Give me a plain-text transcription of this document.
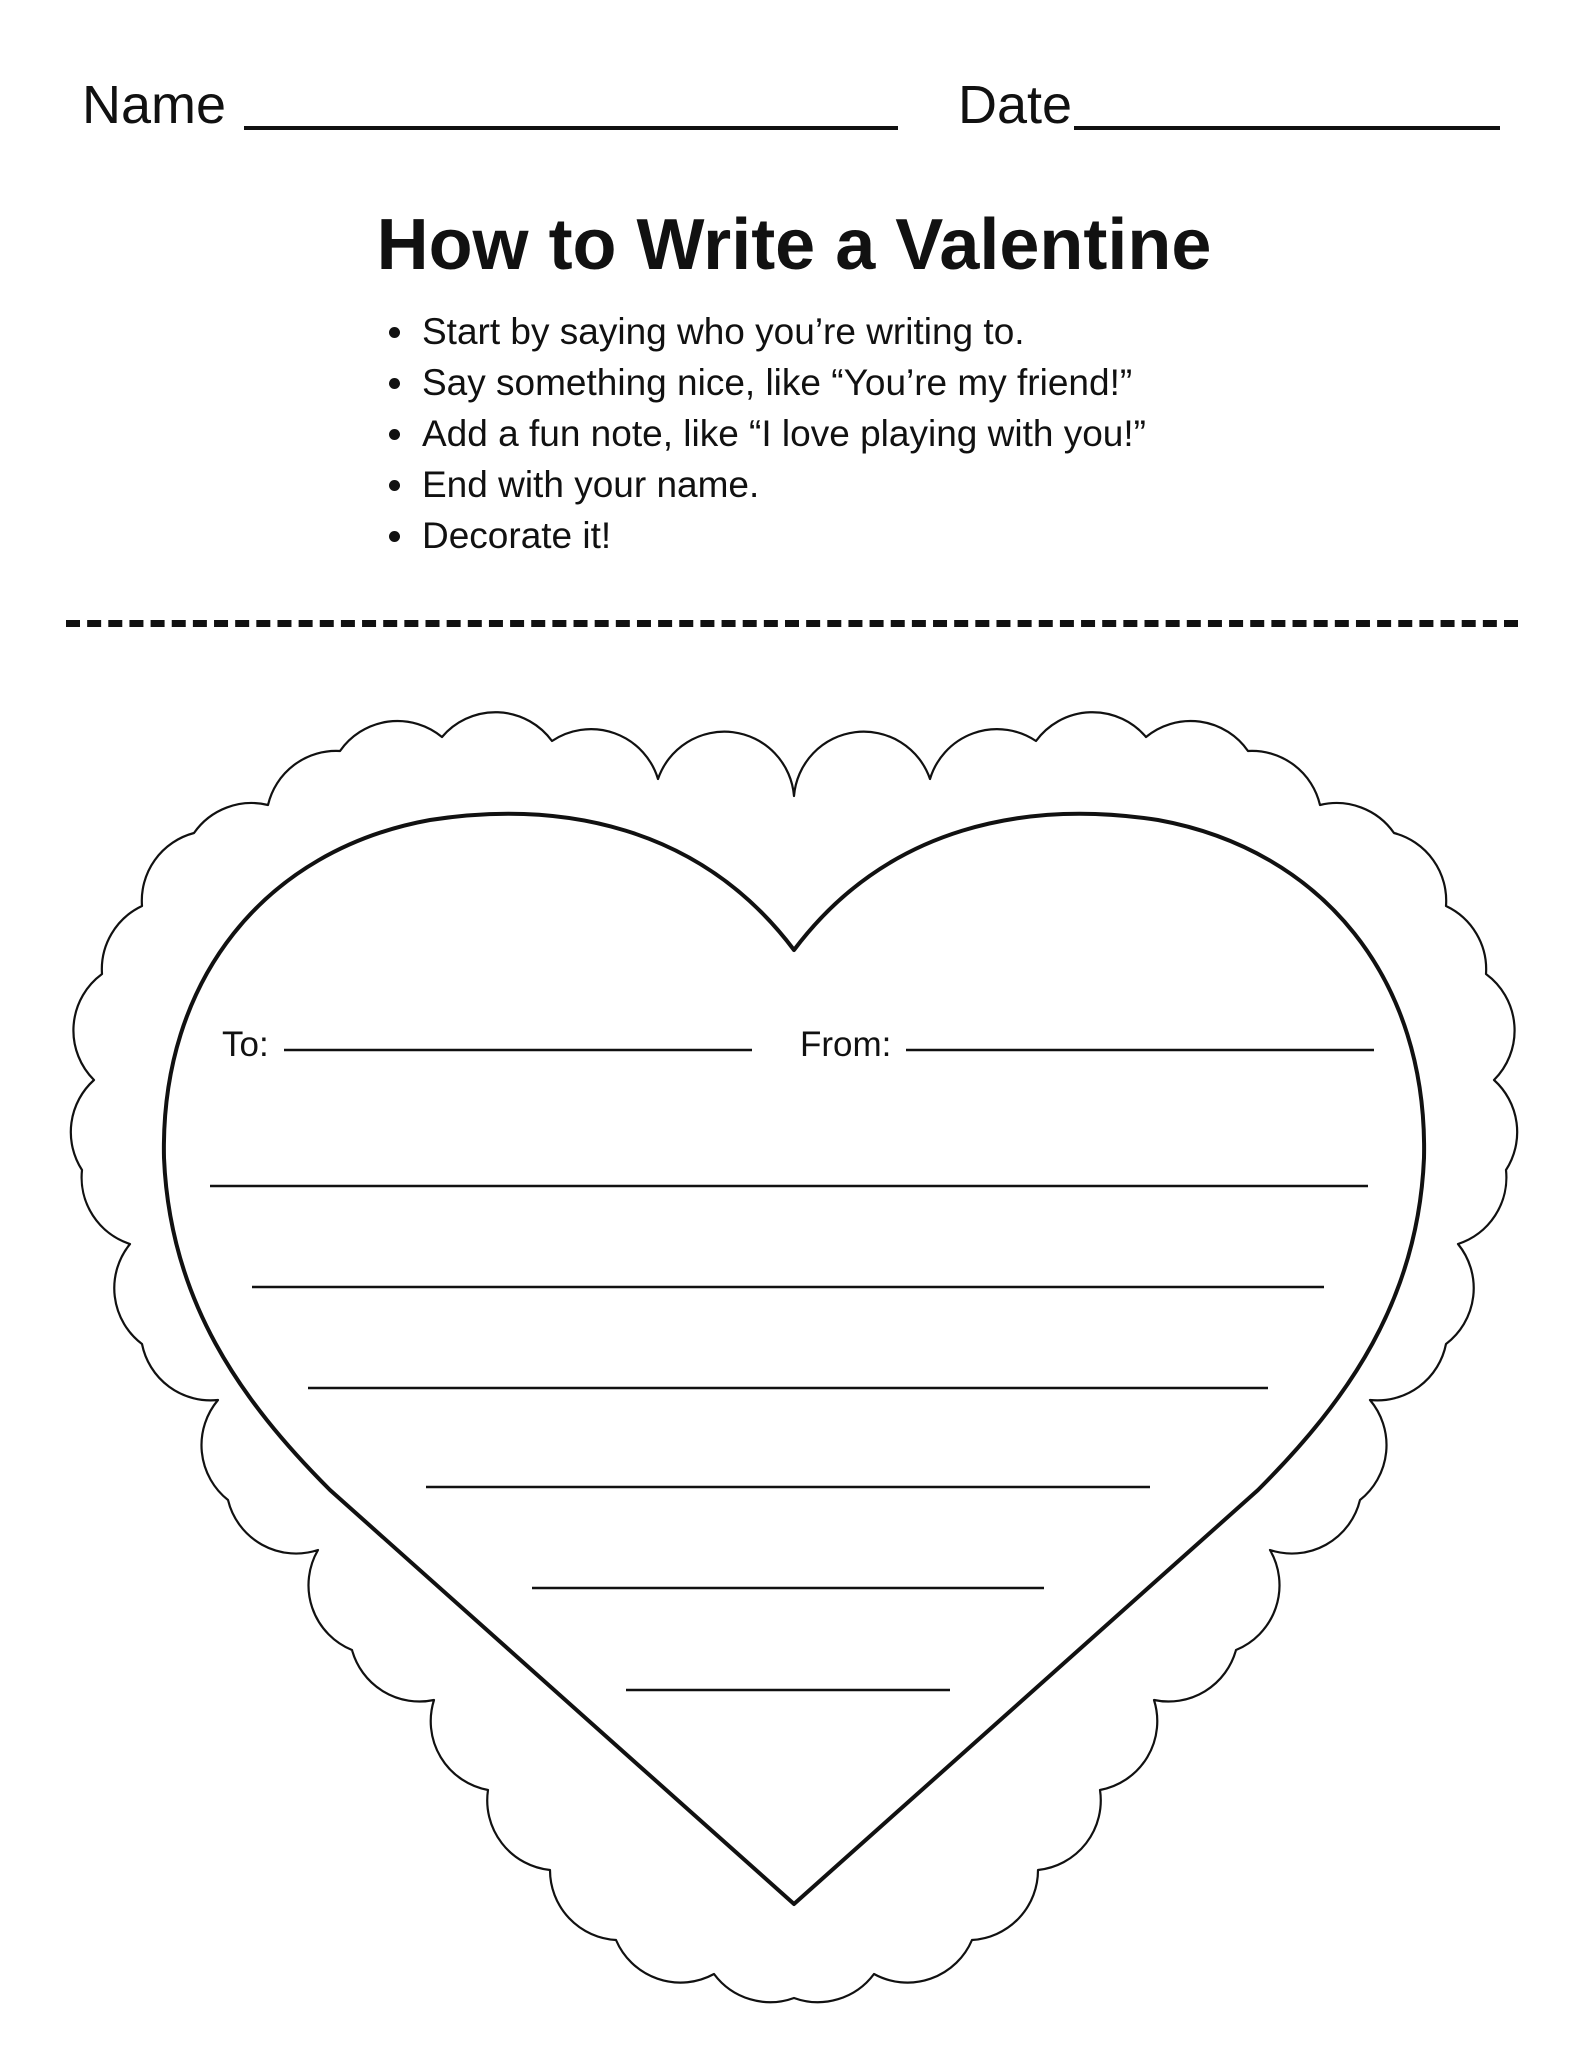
Name	Date
How to Write a Valentine
• Start by saying who you’re writing to.
• Say something nice, like “You’re my friend!”
• Add a fun note, like “I love playing with you!”
• End with your name.
• Decorate it!
To:	From:
